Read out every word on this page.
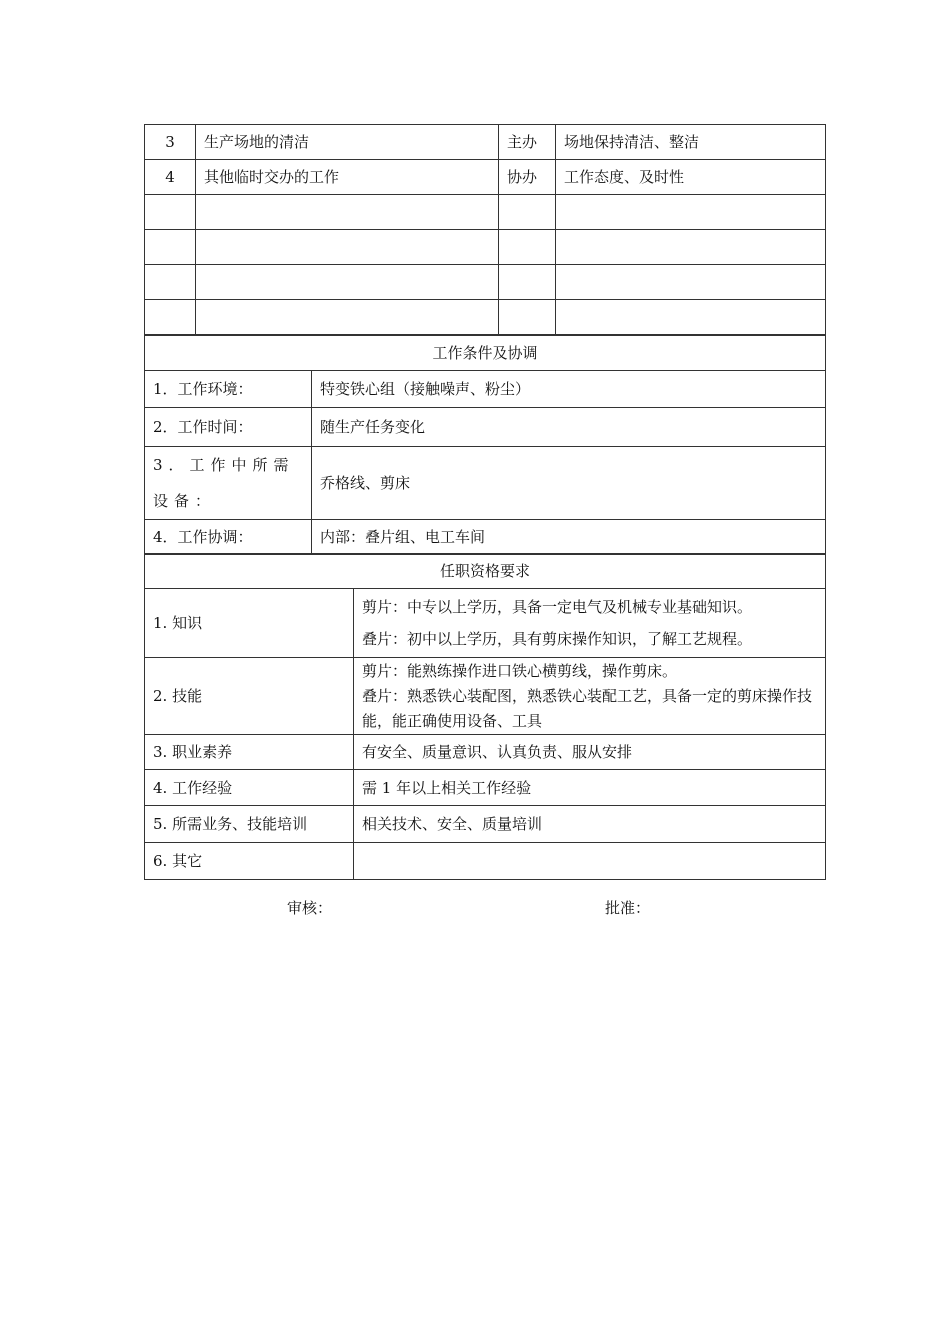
3	生产场地的清洁	主办	场地保持清洁、整洁
4	其他临时交办的工作	协办	工作态度、及时性

工作条件及协调	
1．工作环境：	特变铁心组（接触噪声、粉尘）
2．工作时间：	随生产任务变化
3．工作中所需设备：	乔格线、剪床
4．工作协调：	内部：叠片组、电工车间
任职资格要求	
1. 知识	剪片：中专以上学历，具备一定电气及机械专业基础知识。

叠片：初中以上学历，具有剪床操作知识，了解工艺规程。

2. 技能	剪片：能熟练操作进口铁心横剪线，操作剪床。

叠片：熟悉铁心装配图，熟悉铁心装配工艺，具备一定的剪床操作技能，能正确使用设备、工具

3. 职业素养	有安全、质量意识、认真负责、服从安排
4. 工作经验	需 1 年以上相关工作经验
5. 所需业务、技能培训	相关技术、安全、质量培训
6. 其它	
审核：	批准：
